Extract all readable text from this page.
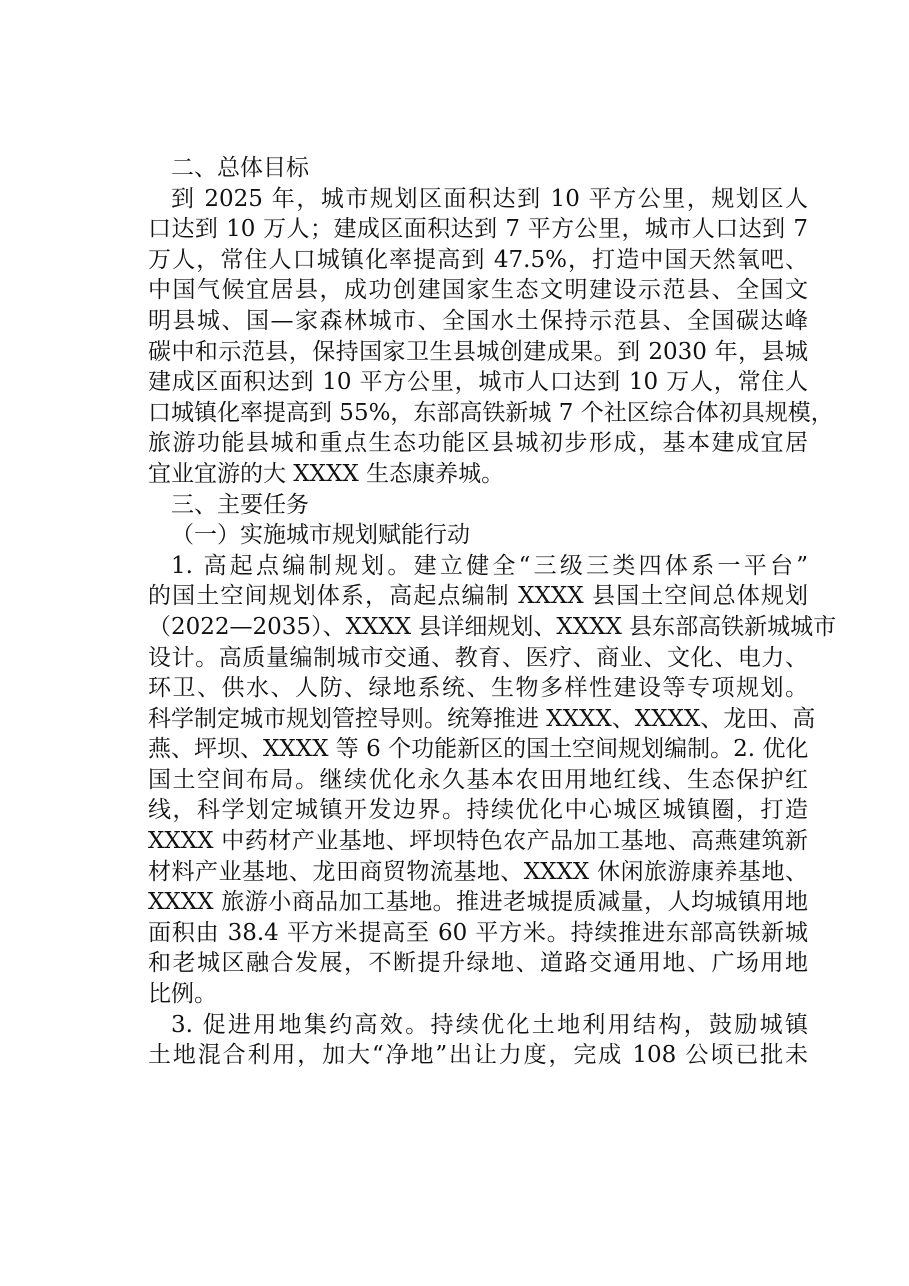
二、总体目标
到 2025 年，城市规划区面积达到 10 平方公里，规划区人
口达到 10 万人；建成区面积达到 7 平方公里，城市人口达到 7
万人，常住人口城镇化率提高到 47.5%，打造中国天然氧吧、
中国气候宜居县，成功创建国家生态文明建设示范县、全国文
明县城、国—家森林城市、全国水土保持示范县、全国碳达峰
碳中和示范县，保持国家卫生县城创建成果。到 2030 年，县城
建成区面积达到 10 平方公里，城市人口达到 10 万人，常住人
口城镇化率提高到 55%，东部高铁新城 7 个社区综合体初具规模，
旅游功能县城和重点生态功能区县城初步形成，基本建成宜居
宜业宜游的大 XXXX 生态康养城。
三、主要任务
（一）实施城市规划赋能行动
1. 高起点编制规划。建立健全“三级三类四体系一平台”
的国土空间规划体系，高起点编制 XXXX 县国土空间总体规划
（2022—2035）、XXXX 县详细规划、XXXX 县东部高铁新城城市
设计。高质量编制城市交通、教育、医疗、商业、文化、电力、
环卫、供水、人防、绿地系统、生物多样性建设等专项规划。
科学制定城市规划管控导则。统筹推进 XXXX、XXXX、龙田、高
燕、坪坝、XXXX 等 6 个功能新区的国土空间规划编制。2. 优化
国土空间布局。继续优化永久基本农田用地红线、生态保护红
线，科学划定城镇开发边界。持续优化中心城区城镇圈，打造
XXXX 中药材产业基地、坪坝特色农产品加工基地、高燕建筑新
材料产业基地、龙田商贸物流基地、XXXX 休闲旅游康养基地、
XXXX 旅游小商品加工基地。推进老城提质减量，人均城镇用地
面积由 38.4 平方米提高至 60 平方米。持续推进东部高铁新城
和老城区融合发展，不断提升绿地、道路交通用地、广场用地
比例。
3. 促进用地集约高效。持续优化土地利用结构，鼓励城镇
土地混合利用，加大“净地”出让力度，完成 108 公顷已批未
